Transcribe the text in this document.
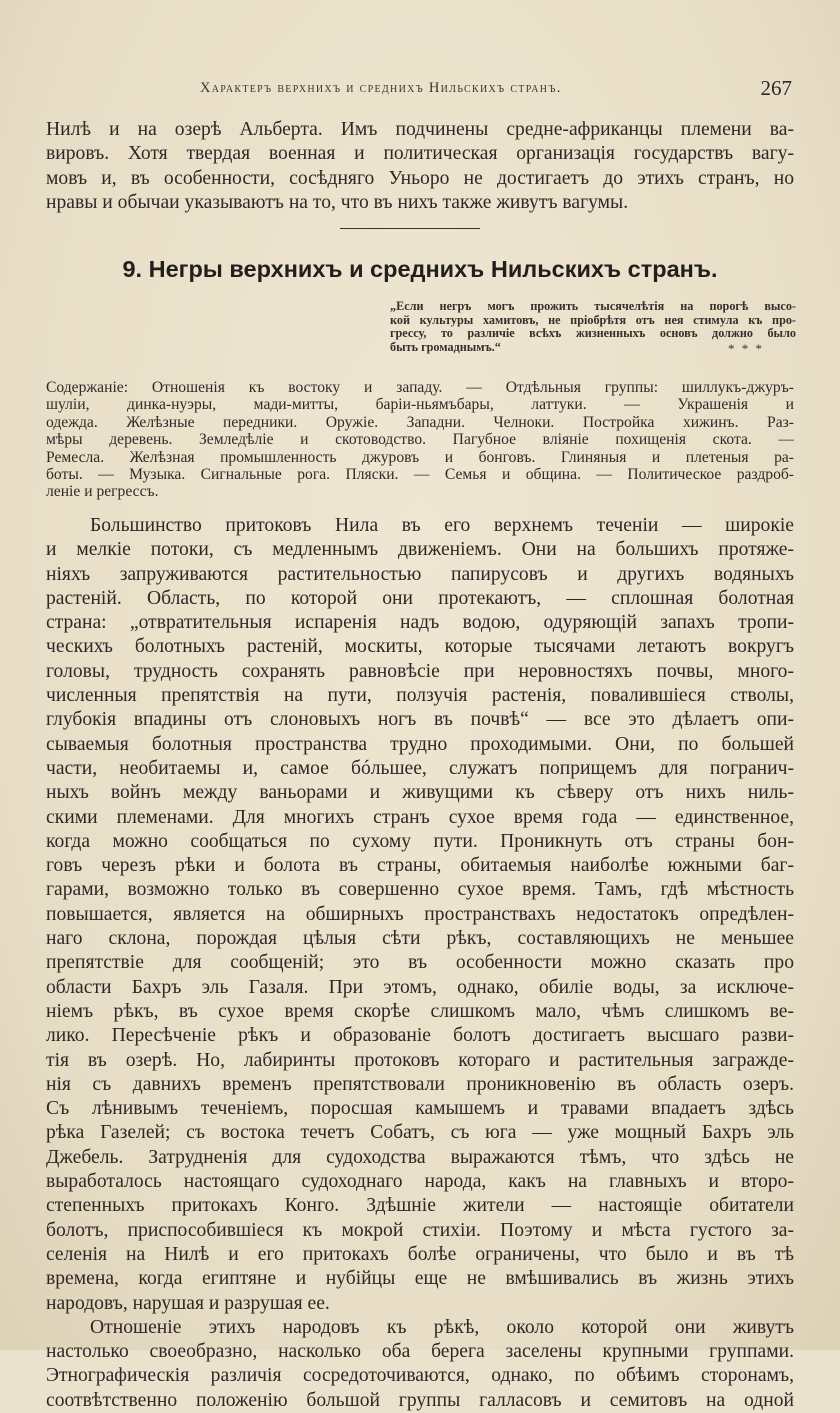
Характеръ верхнихъ и среднихъ Нильскихъ странъ.	267
Нилѣ и на озерѣ Альберта. Имъ подчинены средне-африканцы племени ва-
вировъ. Хотя твердая военная и политическая организація государствъ вагу-
мовъ и, въ особенности, сосѣдняго Уньоро не достигаетъ до этихъ странъ, но
нравы и обычаи указываютъ на то, что въ нихъ также живутъ вагумы.
9. Негры верхнихъ и среднихъ Нильскихъ странъ.
„Если негръ могъ прожить тысячелѣтія на порогѣ высо-
кой культуры хамитовъ, не пріобрѣтя отъ нея стимула къ про-
грессу, то различіе всѣхъ жизненныхъ основъ должно было
быть громаднымъ.“	* * *
Содержаніе: Отношенія къ востоку и западу. — Отдѣльныя группы: шиллукъ-джуръ-
шуліи, динка-нуэры, мади-митты, баріи-ньямъбары, латтуки. — Украшенія и
одежда. Желѣзные передники. Оружіе. Западни. Челноки. Постройка хижинъ. Раз-
мѣры деревень. Земледѣліе и скотоводство. Пагубное вліяніе похищенія скота. —
Ремесла. Желѣзная промышленность джуровъ и бонговъ. Глиняныя и плетеныя ра-
боты. — Музыка. Сигнальные рога. Пляски. — Семья и община. — Политическое раздроб-
леніе и регрессъ.
Большинство притоковъ Нила въ его верхнемъ теченіи — широкіе
и мелкіе потоки, съ медленнымъ движеніемъ. Они на большихъ протяже-
ніяхъ запруживаются растительностью папирусовъ и другихъ водяныхъ
растеній. Область, по которой они протекаютъ, — сплошная болотная
страна: „отвратительныя испаренія надъ водою, одуряющій запахъ тропи-
ческихъ болотныхъ растеній, москиты, которые тысячами летаютъ вокругъ
головы, трудность сохранять равновѣсіе при неровностяхъ почвы, много-
численныя препятствія на пути, ползучія растенія, повалившіеся стволы,
глубокія впадины отъ слоновыхъ ногъ въ почвѣ“ — все это дѣлаетъ опи-
сываемыя болотныя пространства трудно проходимыми. Они, по большей
части, необитаемы и, самое бóльшее, служатъ поприщемъ для погранич-
ныхъ войнъ между ваньорами и живущими къ сѣверу отъ нихъ ниль-
скими племенами. Для многихъ странъ сухое время года — единственное,
когда можно сообщаться по сухому пути. Проникнуть отъ страны бон-
говъ черезъ рѣки и болота въ страны, обитаемыя наиболѣе южными баг-
гарами, возможно только въ совершенно сухое время. Тамъ, гдѣ мѣстность
повышается, является на обширныхъ пространствахъ недостатокъ опредѣлен-
наго склона, порождая цѣлыя сѣти рѣкъ, составляющихъ не меньшее
препятствіе для сообщеній; это въ особенности можно сказать про
области Бахръ эль Газаля. При этомъ, однако, обиліе воды, за исключе-
ніемъ рѣкъ, въ сухое время скорѣе слишкомъ мало, чѣмъ слишкомъ ве-
лико. Пересѣченіе рѣкъ и образованіе болотъ достигаетъ высшаго разви-
тія въ озерѣ. Но, лабиринты протоковъ котораго и растительныя загражде-
нія съ давнихъ временъ препятствовали проникновенію въ область озеръ.
Съ лѣнивымъ теченіемъ, поросшая камышемъ и травами впадаетъ здѣсь
рѣка Газелей; съ востока течетъ Собатъ, съ юга — уже мощный Бахръ эль
Джебель. Затрудненія для судоходства выражаются тѣмъ, что здѣсь не
выработалось настоящаго судоходнаго народа, какъ на главныхъ и второ-
степенныхъ притокахъ Конго. Здѣшніе жители — настоящіе обитатели
болотъ, приспособившіеся къ мокрой стихіи. Поэтому и мѣста густого за-
селенія на Нилѣ и его притокахъ болѣе ограничены, что было и въ тѣ
времена, когда египтяне и нубійцы еще не вмѣшивались въ жизнь этихъ
народовъ, нарушая и разрушая ее.
Отношеніе этихъ народовъ къ рѣкѣ, около которой они живутъ
настолько своеобразно, насколько оба берега заселены крупными группами.
Этнографическія различія сосредоточиваются, однако, по обѣимъ сторонамъ,
соотвѣтственно положенію большой группы галласовъ и семитовъ на одной
